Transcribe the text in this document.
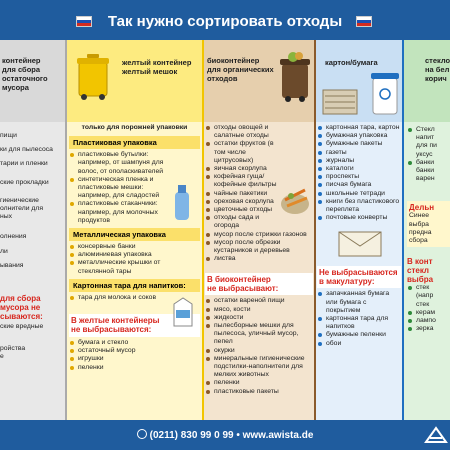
Так нужно сортировать отходы
контейнер
для сбора
остаточного
мусора
пищи
ки для пылесоса
тарии и пленки
ские прокладки
гиенические
олнители для
ных
олнения
ли
ывания
для сбора
мусора не
сываются:
ские вредные
ройства
е
желтый контейнер
желтый мешок
только для порожней упаковки
Пластиковая упаковка
пластиковые бутылки: например, от шампуня для волос, от ополаскивателей
синтетическая пленка и пластиковые мешки: например, для сладостей
пластиковые стаканчики: например, для молочных продуктов
Металлическая упаковка
консервные банки
алюминиевая упаковка
металлические крышки от стеклянной тары
Картонная тара для напитков:
тара для молока и соков
В желтые контейнеры
не выбрасываются:
бумага и стекло
остаточный мусор
игрушки
пеленки
биоконтейнер
для органических
отходов
отходы овощей и салатные отходы
остатки фруктов (в том числе цитрусовых)
яичная скорлупа
кофейная гуща/ кофейные фильтры
чайные пакетики
ореховая скорлупа
цветочные отходы
отходы сада и огорода
мусор после стрижки газонов
мусор после обрезки кустарников и деревьев
листва
В биоконтейнер
не выбрасывают:
остатки вареной пищи
мясо, кости
жидкости
пылесборные мешки для пылесоса, уличный мусор, пепел
окурки
минеральные гигиенические подстилки-наполнители для мелких животных
пеленки
пластиковые пакеты
картон/бумага
картонная тара, картон
бумажная упаковка
бумажные пакеты
газеты
журналы
каталоги
проспекты
писчая бумага
школьные тетради
книги без пластикового переплета
почтовые конверты
Не выбрасываются
в макулатуру:
запачканная бумага или бумага с покрытием
картонная тара для напитков
бумажные пеленки
обои
стекло
на бел
корич
Стекл
напит
для пи
уксус
банки
банки
варен
Дельн
Синее
выбра
предна
сбора
В конт
стекл
выбра
стек
(напр
стек
керам
лампо
зерка
(0211) 830 99 0 99 • www.awista.de
